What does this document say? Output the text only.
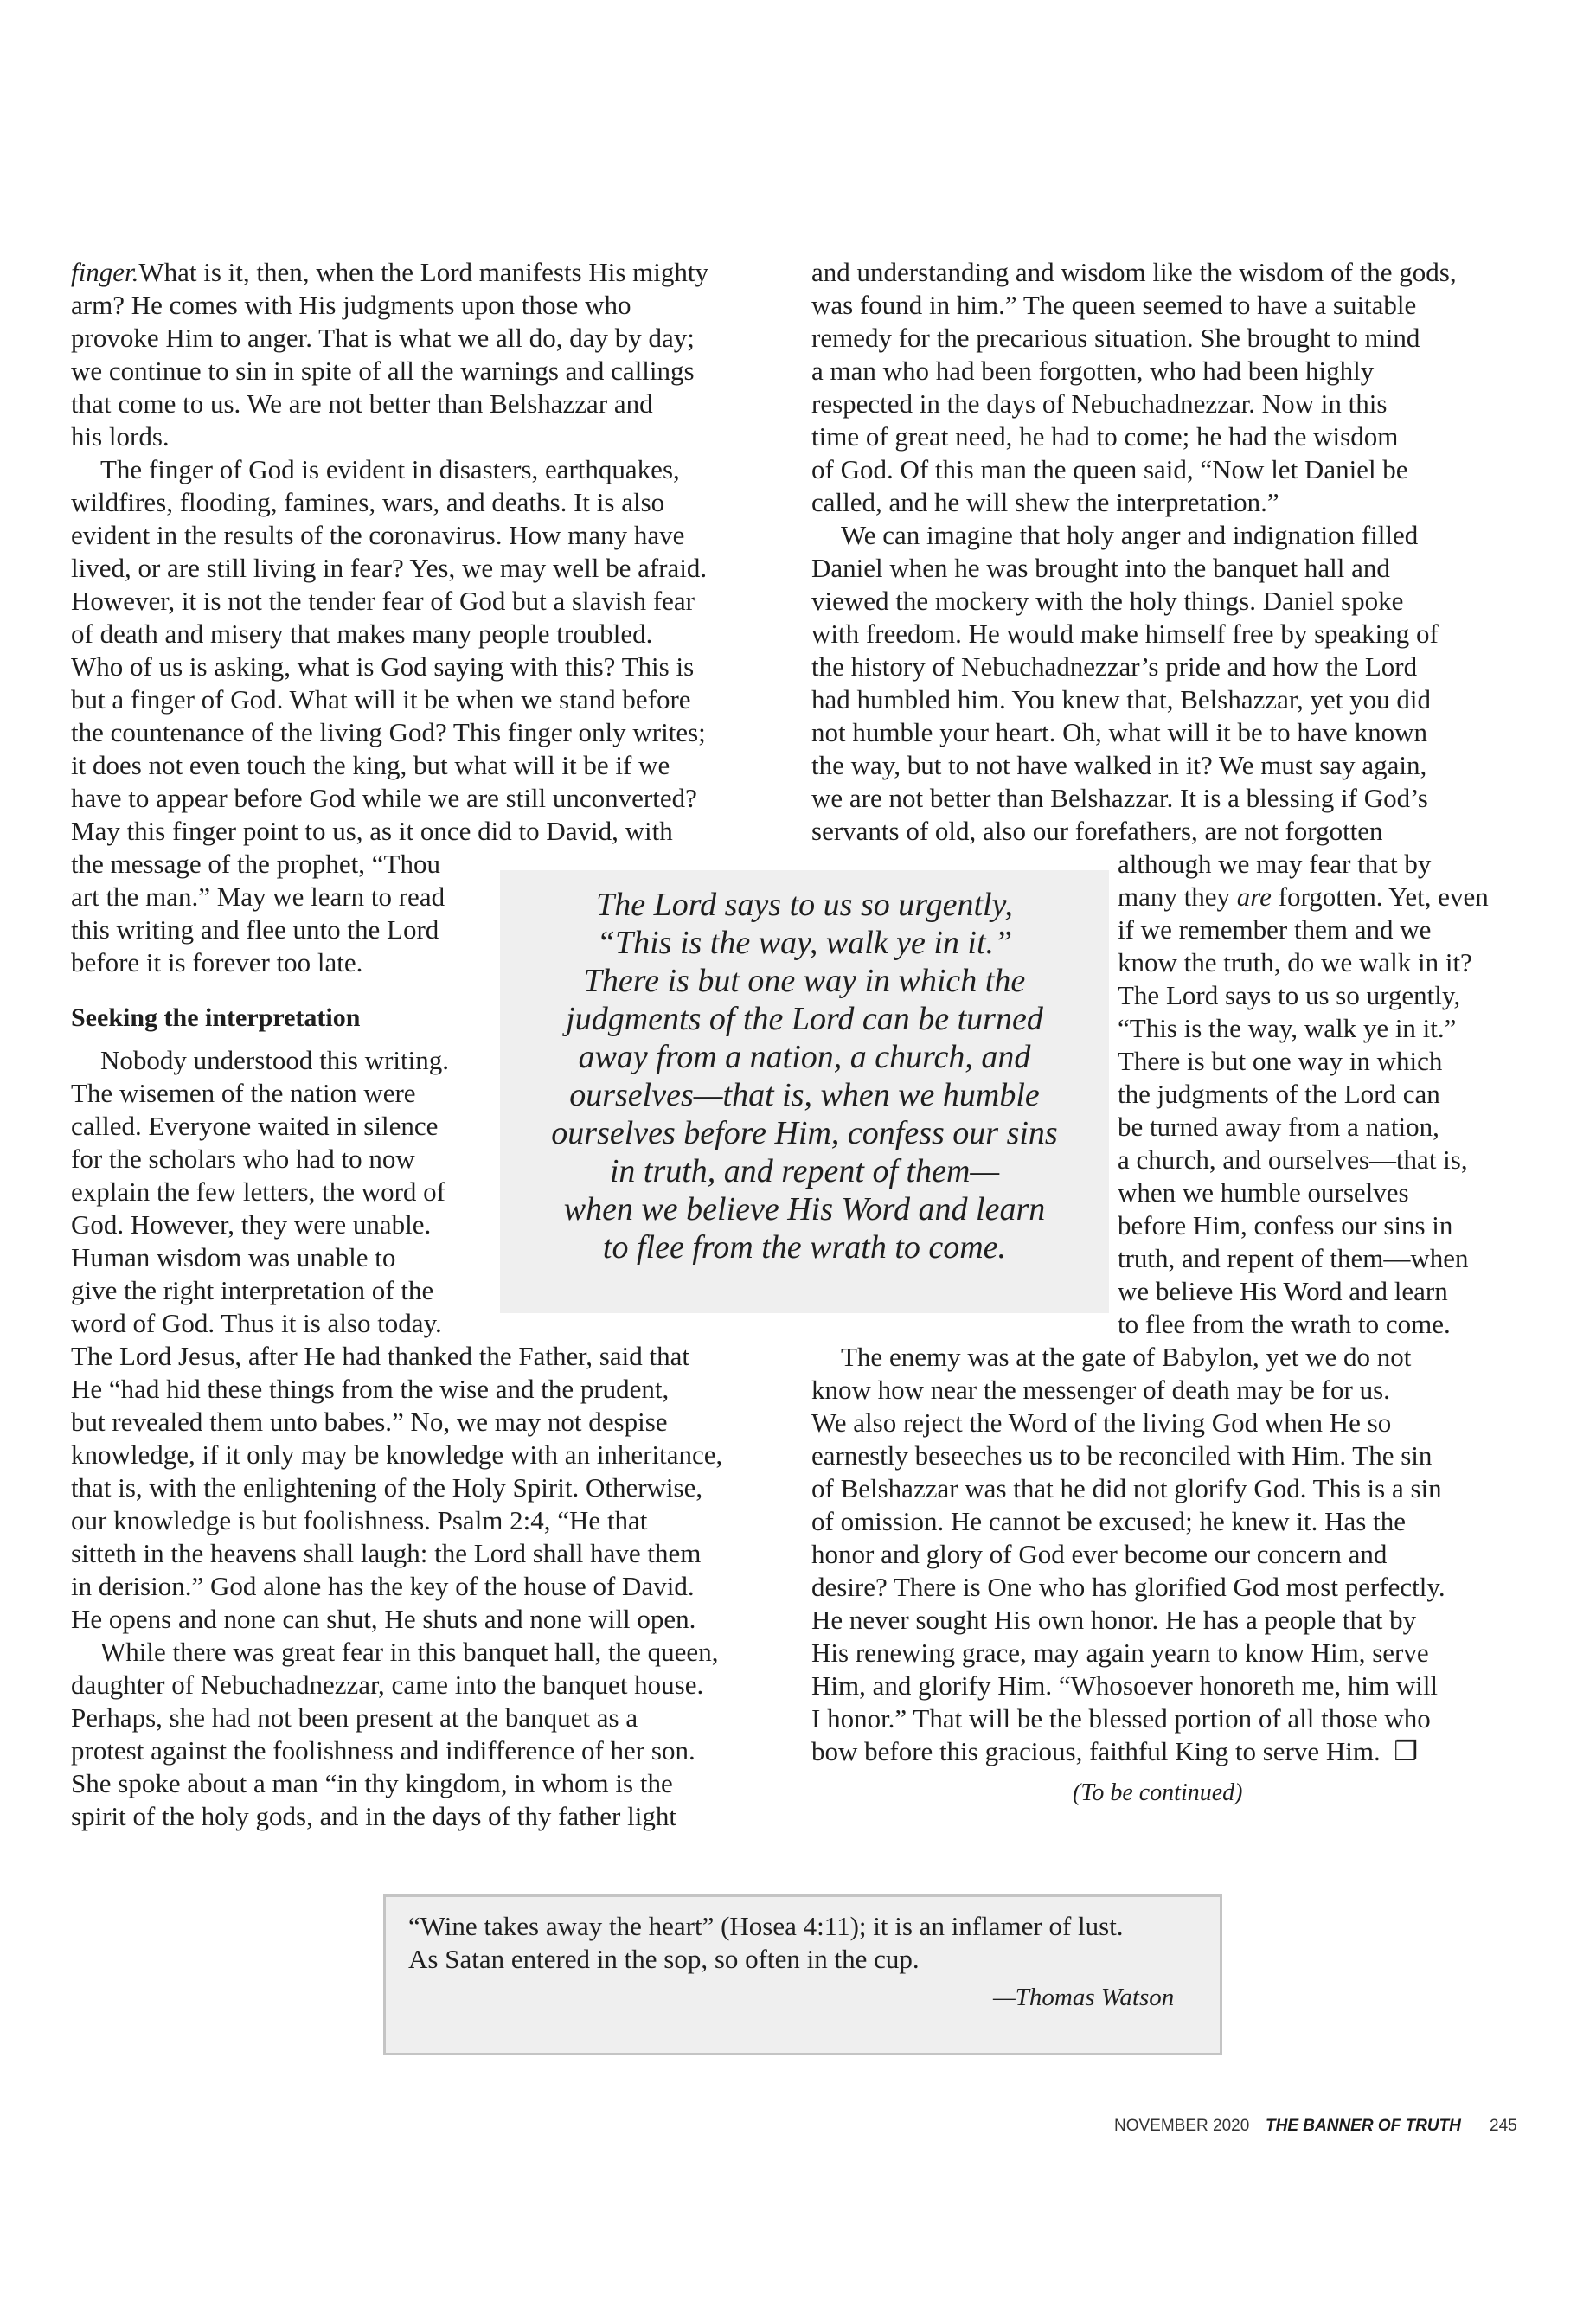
finger.What is it, then, when the Lord manifests His mighty
arm? He comes with His judgments upon those who
provoke Him to anger. That is what we all do, day by day;
we continue to sin in spite of all the warnings and callings
that come to us. We are not better than Belshazzar and
his lords.
The finger of God is evident in disasters, earthquakes,
wildfires, flooding, famines, wars, and deaths. It is also
evident in the results of the coronavirus. How many have
lived, or are still living in fear? Yes, we may well be afraid.
However, it is not the tender fear of God but a slavish fear
of death and misery that makes many people troubled.
Who of us is asking, what is God saying with this? This is
but a finger of God. What will it be when we stand before
the countenance of the living God? This finger only writes;
it does not even touch the king, but what will it be if we
have to appear before God while we are still unconverted?
May this finger point to us, as it once did to David, with
the message of the prophet, “Thou
art the man.” May we learn to read
this writing and flee unto the Lord
before it is forever too late.
Seeking the interpretation
Nobody understood this writing.
The wisemen of the nation were
called. Everyone waited in silence
for the scholars who had to now
explain the few letters, the word of
God. However, they were unable.
Human wisdom was unable to
give the right interpretation of the
word of God. Thus it is also today.
The Lord Jesus, after He had thanked the Father, said that
He “had hid these things from the wise and the prudent,
but revealed them unto babes.” No, we may not despise
knowledge, if it only may be knowledge with an inheritance,
that is, with the enlightening of the Holy Spirit. Otherwise,
our knowledge is but foolishness. Psalm 2:4, “He that
sitteth in the heavens shall laugh: the Lord shall have them
in derision.” God alone has the key of the house of David.
He opens and none can shut, He shuts and none will open.
While there was great fear in this banquet hall, the queen,
daughter of Nebuchadnezzar, came into the banquet house.
Perhaps, she had not been present at the banquet as a
protest against the foolishness and indifference of her son.
She spoke about a man “in thy kingdom, in whom is the
spirit of the holy gods, and in the days of thy father light
and understanding and wisdom like the wisdom of the gods,
was found in him.” The queen seemed to have a suitable
remedy for the precarious situation. She brought to mind
a man who had been forgotten, who had been highly
respected in the days of Nebuchadnezzar. Now in this
time of great need, he had to come; he had the wisdom
of God. Of this man the queen said, “Now let Daniel be
called, and he will shew the interpretation.”
We can imagine that holy anger and indignation filled
Daniel when he was brought into the banquet hall and
viewed the mockery with the holy things. Daniel spoke
with freedom. He would make himself free by speaking of
the history of Nebuchadnezzar’s pride and how the Lord
had humbled him. You knew that, Belshazzar, yet you did
not humble your heart. Oh, what will it be to have known
the way, but to not have walked in it? We must say again,
we are not better than Belshazzar. It is a blessing if God’s
servants of old, also our forefathers, are not forgotten
although we may fear that by
many they are forgotten. Yet, even
if we remember them and we
know the truth, do we walk in it?
The Lord says to us so urgently,
“This is the way, walk ye in it.”
There is but one way in which
the judgments of the Lord can
be turned away from a nation,
a church, and ourselves—that is,
when we humble ourselves
before Him, confess our sins in
truth, and repent of them—when
we believe His Word and learn
to flee from the wrath to come.
The enemy was at the gate of Babylon, yet we do not
know how near the messenger of death may be for us.
We also reject the Word of the living God when He so
earnestly beseeches us to be reconciled with Him. The sin
of Belshazzar was that he did not glorify God. This is a sin
of omission. He cannot be excused; he knew it. Has the
honor and glory of God ever become our concern and
desire? There is One who has glorified God most perfectly.
He never sought His own honor. He has a people that by
His renewing grace, may again yearn to know Him, serve
Him, and glorify Him. “Whosoever honoreth me, him will
I honor.” That will be the blessed portion of all those who
bow before this gracious, faithful King to serve Him. ❐
(To be continued)
The Lord says to us so urgently,
“This is the way, walk ye in it.”
There is but one way in which the
judgments of the Lord can be turned
away from a nation, a church, and
ourselves—that is, when we humble
ourselves before Him, confess our sins
in truth, and repent of them—
when we believe His Word and learn
to flee from the wrath to come.
“Wine takes away the heart” (Hosea 4:11); it is an inflamer of lust.
As Satan entered in the sop, so often in the cup.
—Thomas Watson
NOVEMBER 2020 THE BANNER OF TRUTH 245
